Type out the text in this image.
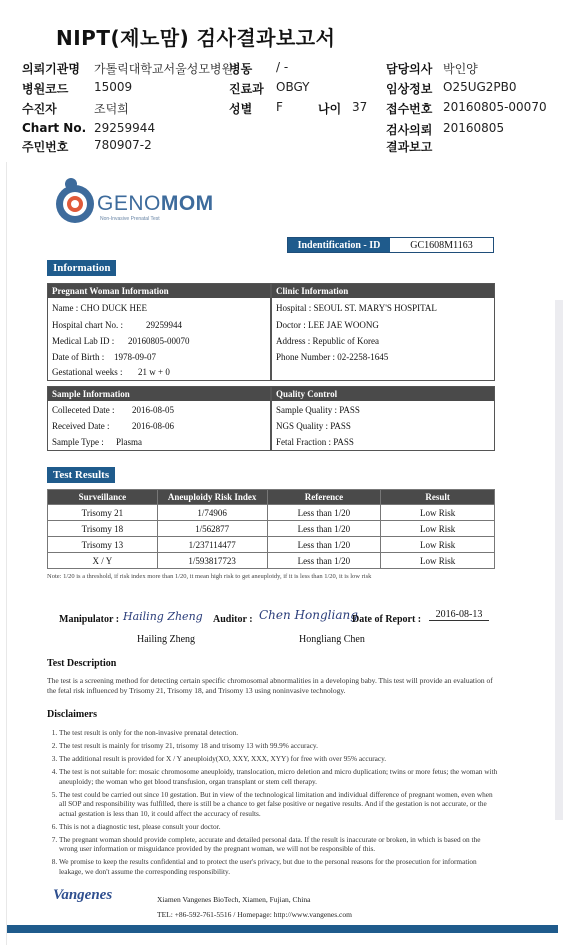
NIPT(제노맘) 검사결과보고서
의뢰기관명 가톨릭대학교서울성모병원
병동 / -	담당의사 박인양
병원코드 15009	진료과 OBGY	임상정보 O25UG2PB0
수진자	조덕희	성별 F	나이 37 접수번호 20160805-00070
Chart No. 29259944	검사의뢰 20160805
주민번호 780907-2	결과보고
GENOMOM
Non-Invasive Prenatal Test
Indentification - ID	GC1608M1163
Information
Pregnant Woman Information
Name : CHO DUCK HEE
Hospital chart No. :	29259944
Medical Lab ID : 20160805-00070
Date of Birth : 1978-09-07
Gestational weeks : 21 w + 0
Clinic Information
Hospital : SEOUL ST. MARY'S HOSPITAL
Doctor : LEE JAE WOONG
Address : Republic of Korea
Phone Number : 02-2258-1645
Sample Information
Colleceted Date : 2016-08-05
Received Date :	2016-08-06
Sample Type : Plasma
Quality Control
Sample Quality : PASS
NGS Quality : PASS
Fetal Fraction : PASS
Test Results
Surveillance	Aneuploidy Risk Index	Reference	Result
Trisomy 21	1/74906	Less than 1/20	Low Risk
Trisomy 18	1/562877	Less than 1/20	Low Risk
Trisomy 13	1/237114477	Less than 1/20	Low Risk
X / Y	1/593817723	Less than 1/20	Low Risk
Note: 1/20 is a threshold, if risk index more than 1/20, it mean high risk to get aneuploidy, if it is less than 1/20, it is low risk
Manipulator : Hailing Zheng
Hailing Zheng
Auditor : Chen Hongliang
Hongliang Chen
Date of Report :	2016-08-13
Test Description
The test is a screening method for detecting certain specific chromosomal abnormalities in a developing baby. This test will provide an evaluation of the fetal risk influenced by Trisomy 21, Trisomy 18, and Trisomy 13 using noninvasive technology.
Disclaimers
1. The test result is only for the non-invasive prenatal detection.
2. The test result is mainly for trisomy 21, trisomy 18 and trisomy 13 with 99.9% accuracy.
3. The additional result is provided for X / Y aneuploidy(XO, XXY, XXX, XYY) for free with over 95% accuracy.
4. The test is not suitable for: mosaic chromosome aneuploidy, translocation, micro deletion and micro duplication; twins or more fetus; the woman with aneuploidy; the woman who get blood transfusion, organ transplant or stem cell therapy.
5. The test could be carried out since 10 gestation. But in view of the technological limitation and individual difference of pregnant women, even when all SOP and responsibility was fulfilled, there is still be a chance to get false positive or negative results. And if the gestation is not accurate, or the actual gestation is less than 10, it could affect the accuracy of results.
6. This is not a diagnostic test, please consult your doctor.
7. The pregnant woman should provide complete, accurate and detailed personal data. If the result is inaccurate or broken, in which is based on the wrong user information or misguidance provided by the pregnant woman, we will not be responsible of this.
8. We promise to keep the results confidential and to protect the user's privacy, but due to the personal reasons for the prosecution for information leakage, we don't assume the corresponding responsibility.
Vangenes	Xiamen Vangenes BioTech, Xiamen, Fujian, China
TEL: +86-592-761-5516 / Homepage: http://www.vangenes.com
